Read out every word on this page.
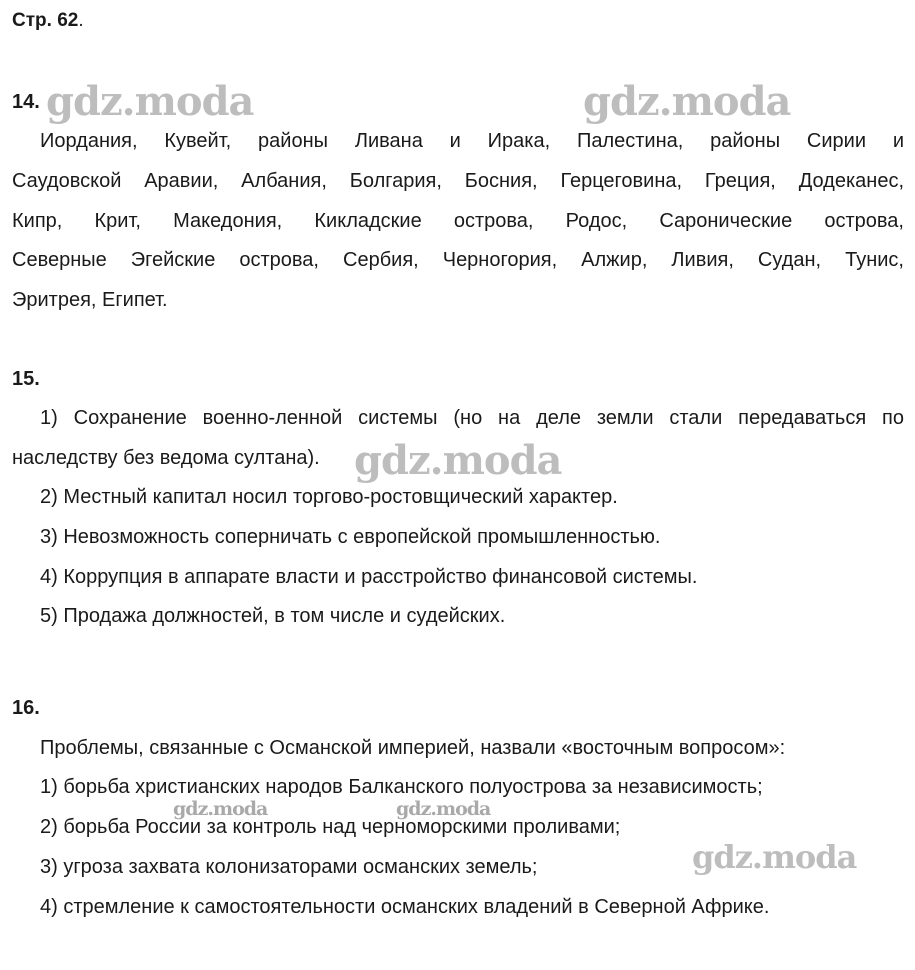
Стр. 62.
14.
Иордания, Кувейт, районы Ливана и Ирака, Палестина, районы Сирии и
Саудовской Аравии, Албания, Болгария, Босния, Герцеговина, Греция, Додеканес,
Кипр, Крит, Македония, Кикладские острова, Родос, Саронические острова,
Северные Эгейские острова, Сербия, Черногория, Алжир, Ливия, Судан, Тунис,
Эритрея, Египет.
15.
1) Сохранение военно-ленной системы (но на деле земли стали передаваться по
наследству без ведома султана).
2) Местный капитал носил торгово-ростовщический характер.
3) Невозможность соперничать с европейской промышленностью.
4) Коррупция в аппарате власти и расстройство финансовой системы.
5) Продажа должностей, в том числе и судейских.
16.
Проблемы, связанные с Османской империей, назвали «восточным вопросом»:
1) борьба христианских народов Балканского полуострова за независимость;
2) борьба России за контроль над черноморскими проливами;
3) угроза захвата колонизаторами османских земель;
4) стремление к самостоятельности османских владений в Северной Африке.
gdz.moda	gdz.moda
gdz.moda
gdz.moda	gdz.moda
gdz.moda
